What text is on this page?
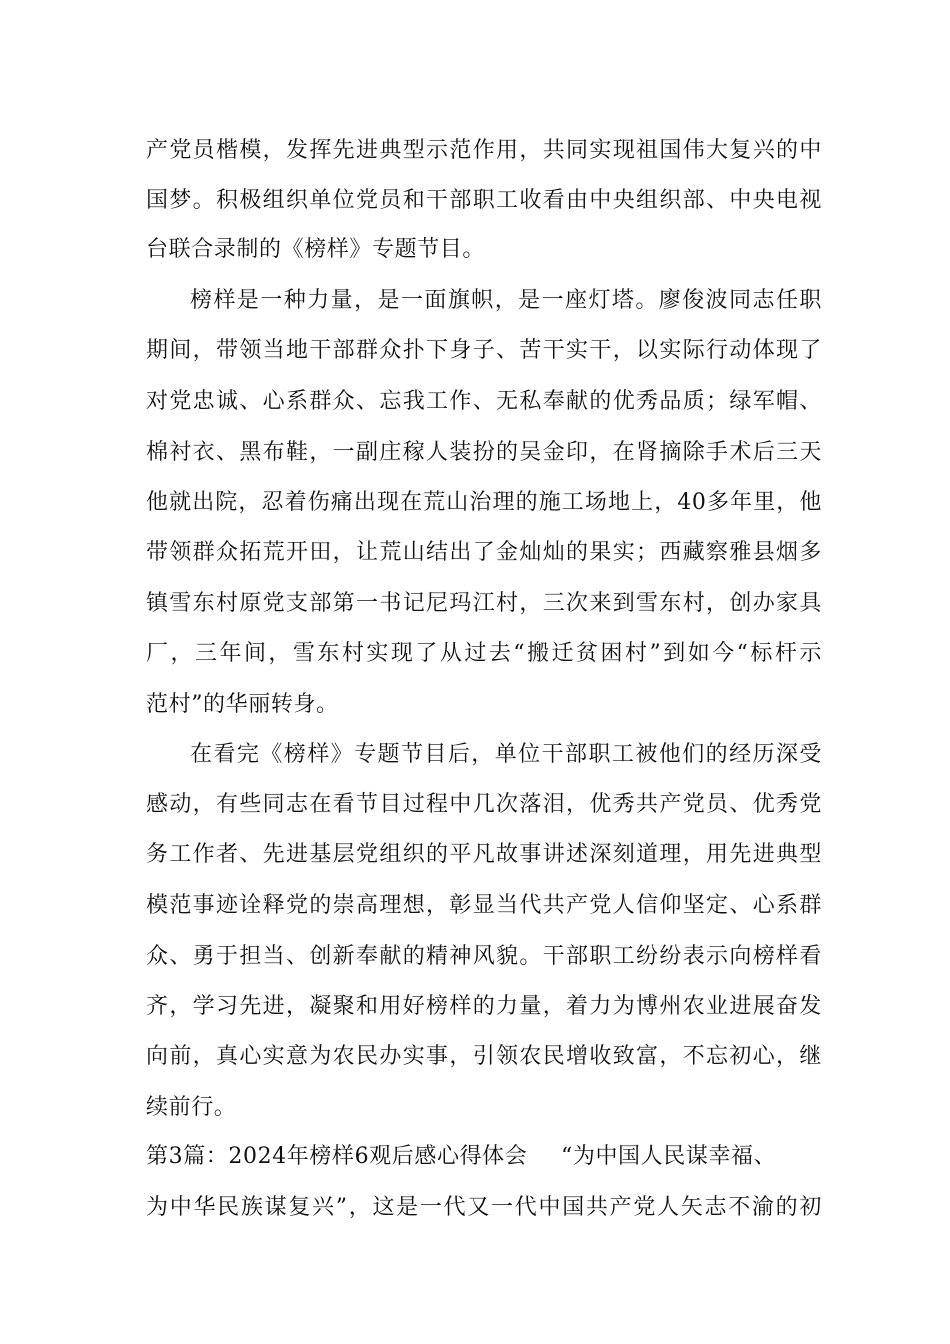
产党员楷模，发挥先进典型示范作用，共同实现祖国伟大复兴的中
国梦。积极组织单位党员和干部职工收看由中央组织部、中央电视
台联合录制的《榜样》专题节目。
榜样是一种力量，是一面旗帜，是一座灯塔。廖俊波同志任职
期间，带领当地干部群众扑下身子、苦干实干，以实际行动体现了
对党忠诚、心系群众、忘我工作、无私奉献的优秀品质；绿军帽、
棉衬衣、黑布鞋，一副庄稼人装扮的吴金印，在肾摘除手术后三天
他就出院，忍着伤痛出现在荒山治理的施工场地上，40多年里，他
带领群众拓荒开田，让荒山结出了金灿灿的果实；西藏察雅县烟多
镇雪东村原党支部第一书记尼玛江村，三次来到雪东村，创办家具
厂，三年间，雪东村实现了从过去“搬迁贫困村”到如今“标杆示
范村”的华丽转身。
在看完《榜样》专题节目后，单位干部职工被他们的经历深受
感动，有些同志在看节目过程中几次落泪，优秀共产党员、优秀党
务工作者、先进基层党组织的平凡故事讲述深刻道理，用先进典型
模范事迹诠释党的崇高理想，彰显当代共产党人信仰坚定、心系群
众、勇于担当、创新奉献的精神风貌。干部职工纷纷表示向榜样看
齐，学习先进，凝聚和用好榜样的力量，着力为博州农业进展奋发
向前，真心实意为农民办实事，引领农民增收致富，不忘初心，继
续前行。
第3篇：2024年榜样6观后感心得体会 “为中国人民谋幸福、
为中华民族谋复兴”，这是一代又一代中国共产党人矢志不渝的初
